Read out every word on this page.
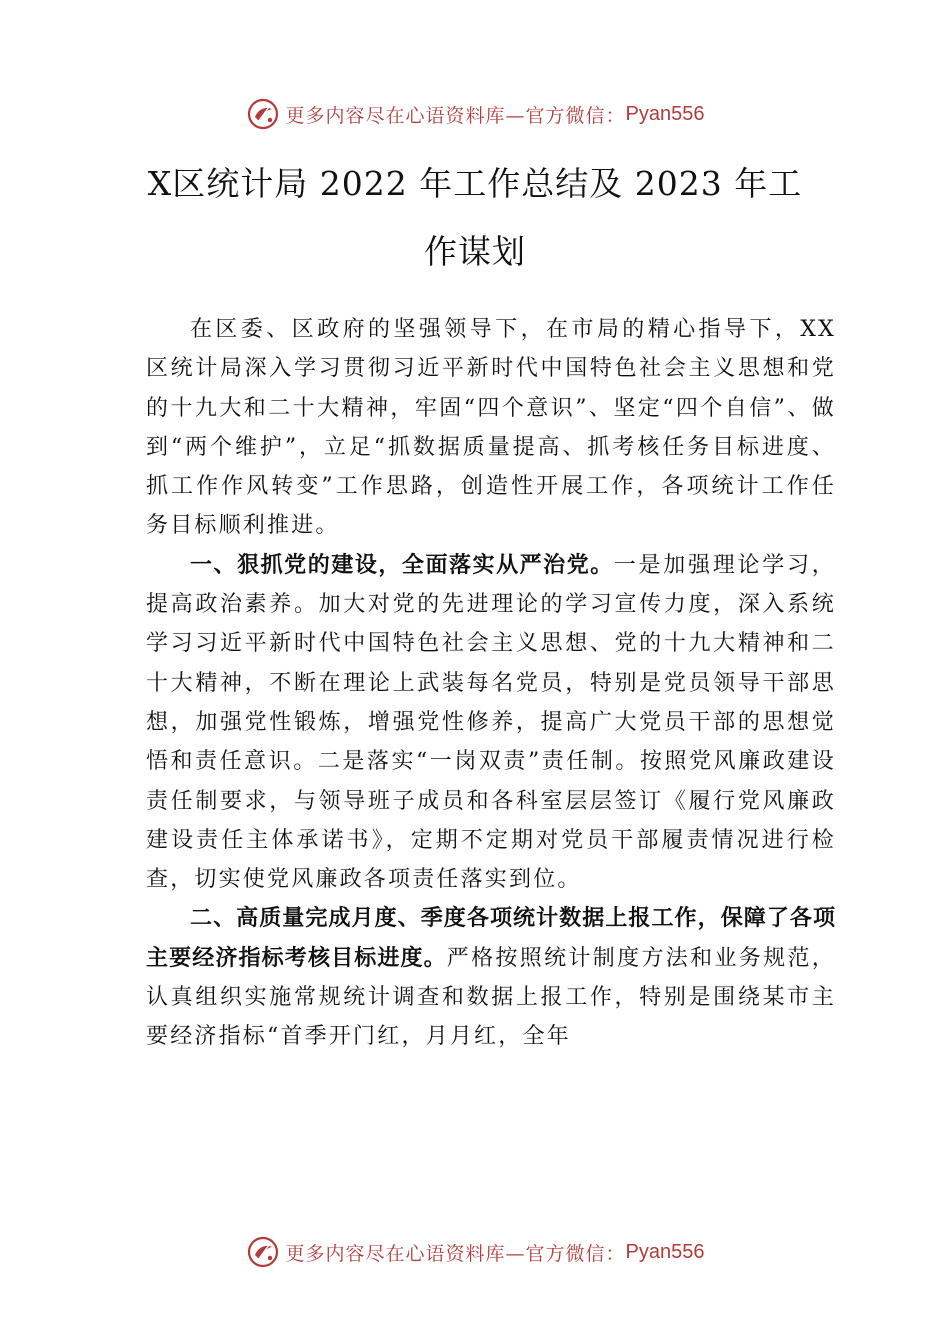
更多内容尽在心语资料库—官方微信： Pyan556
X区统计局 2022 年工作总结及 2023 年工
作谋划

在区委、区政府的坚强领导下，在市局的精心指导下，XX 区统计局深入学习贯彻习近平新时代中国特色社会主义思想和党的十九大和二十大精神，牢固“四个意识”、坚定“四个自信”、做到“两个维护”，立足“抓数据质量提高、抓考核任务目标进度、抓工作作风转变”工作思路，创造性开展工作，各项统计工作任务目标顺利推进。

一、狠抓党的建设，全面落实从严治党。一是加强理论学习，提高政治素养。加大对党的先进理论的学习宣传力度，深入系统学习习近平新时代中国特色社会主义思想、党的十九大精神和二十大精神，不断在理论上武装每名党员，特别是党员领导干部思想，加强党性锻炼，增强党性修养，提高广大党员干部的思想觉悟和责任意识。二是落实“一岗双责”责任制。按照党风廉政建设责任制要求，与领导班子成员和各科室层层签订《履行党风廉政建设责任主体承诺书》，定期不定期对党员干部履责情况进行检查，切实使党风廉政各项责任落实到位。

二、高质量完成月度、季度各项统计数据上报工作，保障了各项主要经济指标考核目标进度。严格按照统计制度方法和业务规范，认真组织实施常规统计调查和数据上报工作，特别是围绕某市主要经济指标“首季开门红，月月红，全年

更多内容尽在心语资料库—官方微信： Pyan556
